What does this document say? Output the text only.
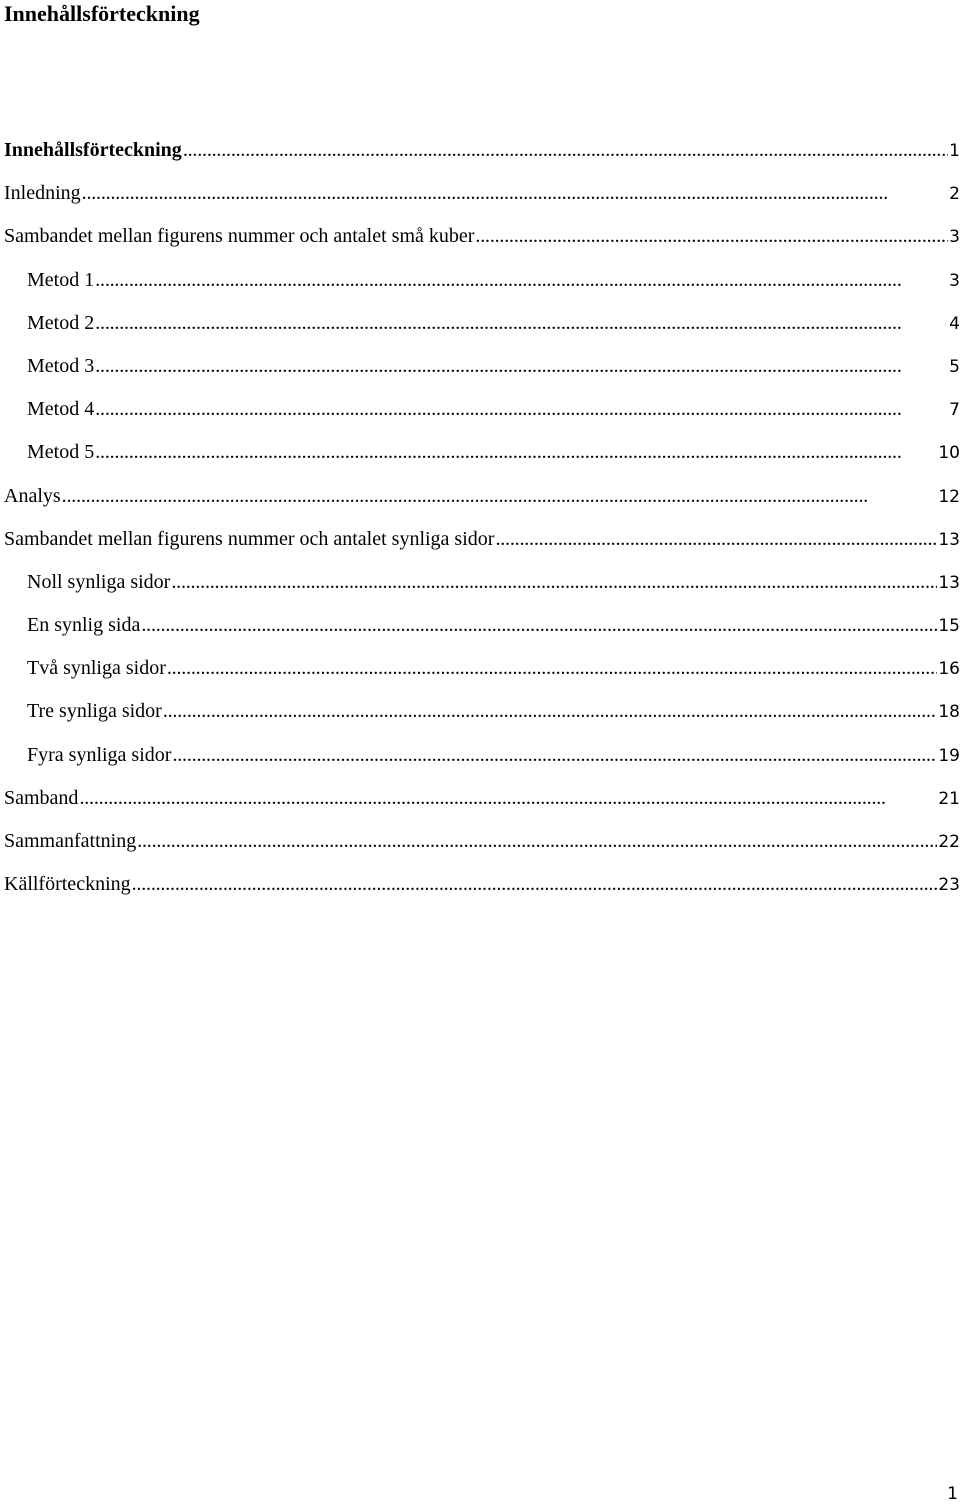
Innehållsförteckning
Innehållsförteckning . . .	1
Inledning . . .	2
Sambandet mellan figurens nummer och antalet små kuber . . .	3
Metod 1 . . .	3
Metod 2 . . .	4
Metod 3 . . .	5
Metod 4 . . .	7
Metod 5 . . .	10
Analys . . .	12
Sambandet mellan figurens nummer och antalet synliga sidor . . .	13
Noll synliga sidor . . .	13
En synlig sida . . .	15
Två synliga sidor . . .	16
Tre synliga sidor . . .	18
Fyra synliga sidor . . .	19
Samband . . .	21
Sammanfattning . . .	22
Källförteckning . . .	23
1
